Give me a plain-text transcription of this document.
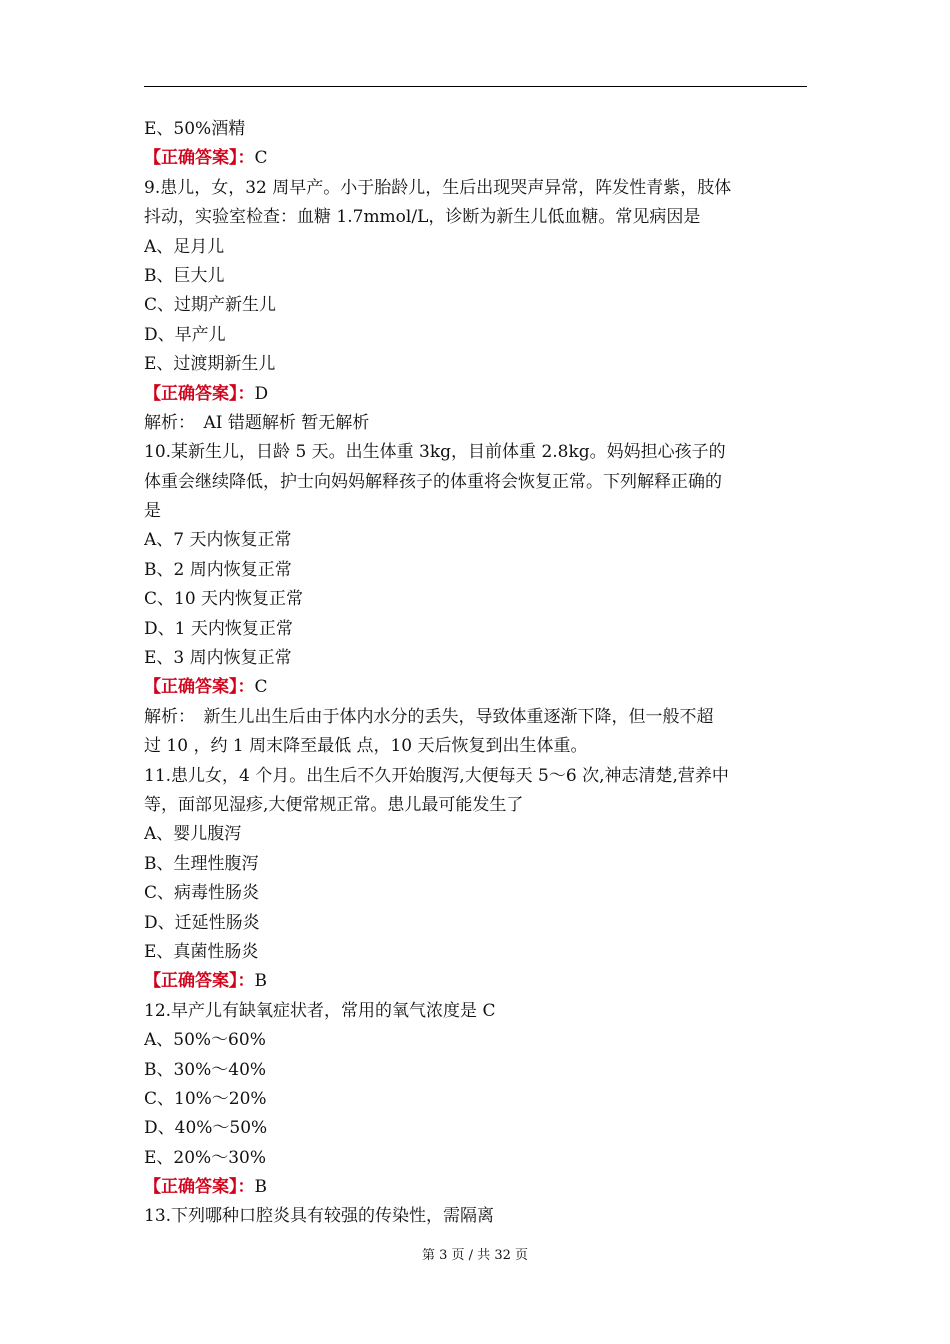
E、50%酒精
【正确答案】：C
9.患儿，女，32 周早产。小于胎龄儿，生后出现哭声异常，阵发性青紫，肢体
抖动，实验室检查：血糖 1.7mmol/L，诊断为新生儿低血糖。常见病因是
A、足月儿
B、巨大儿
C、过期产新生儿
D、早产儿
E、过渡期新生儿
【正确答案】：D
解析：　AI 错题解析 暂无解析
10.某新生儿，日龄 5 天。出生体重 3kg，目前体重 2.8kg。妈妈担心孩子的
体重会继续降低，护士向妈妈解释孩子的体重将会恢复正常。下列解释正确的
是
A、7 天内恢复正常
B、2 周内恢复正常
C、10 天内恢复正常
D、1 天内恢复正常
E、3 周内恢复正常
【正确答案】：C
解析：　新生儿出生后由于体内水分的丢失，导致体重逐渐下降，但一般不超
过 10 ，约 1 周末降至最低 点，10 天后恢复到出生体重。
11.患儿女，4 个月。出生后不久开始腹泻,大便每天 5～6 次,神志清楚,营养中
等，面部见湿疹,大便常规正常。患儿最可能发生了
A、婴儿腹泻
B、生理性腹泻
C、病毒性肠炎
D、迁延性肠炎
E、真菌性肠炎
【正确答案】：B
12.早产儿有缺氧症状者，常用的氧气浓度是 C
A、50%～60%
B、30%～40%
C、10%～20%
D、40%～50%
E、20%～30%
【正确答案】：B
13.下列哪种口腔炎具有较强的传染性，需隔离
第 3 页 / 共 32 页
